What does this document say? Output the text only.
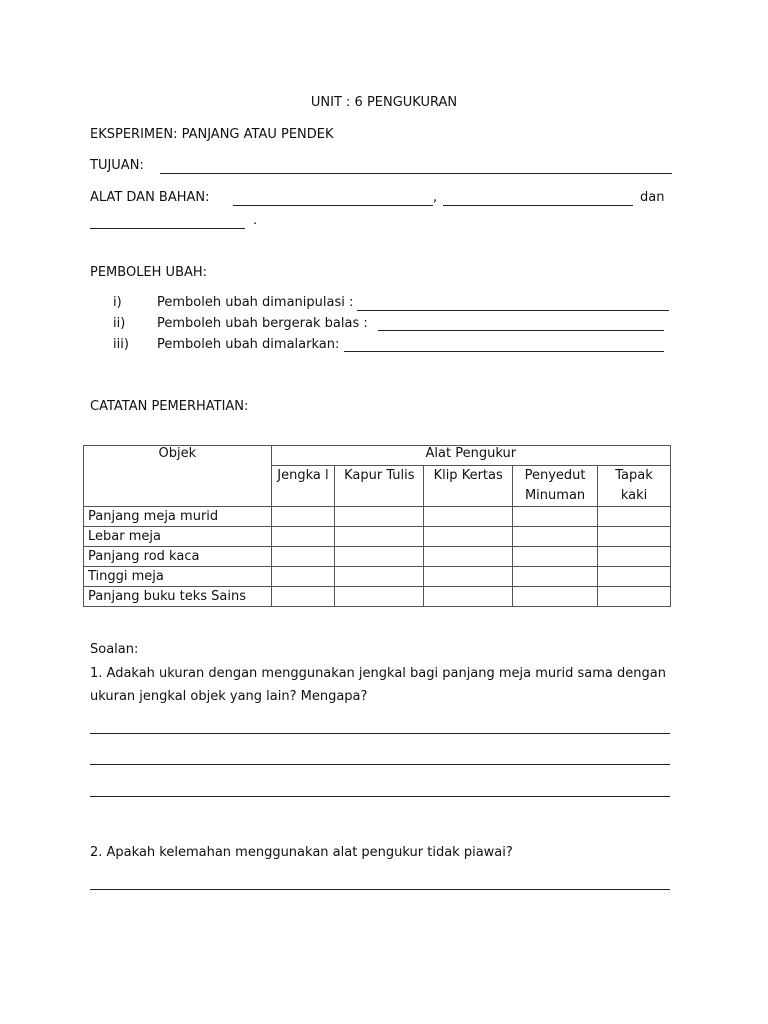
UNIT : 6 PENGUKURAN
EKSPERIMEN: PANJANG ATAU PENDEK
TUJUAN:
ALAT DAN BAHAN:	,	dan
.
PEMBOLEH UBAH:
i)	Pemboleh ubah dimanipulasi :
ii) Pemboleh ubah bergerak balas :
iii) Pemboleh ubah dimalarkan:
CATATAN PEMERHATIAN:
Objek	Alat Pengukur				
	Jengka l	Kapur Tulis	Klip Kertas	Penyedut Minuman	Tapak kaki
Panjang meja murid					
Lebar meja					
Panjang rod kaca					
Tinggi meja					
Panjang buku teks Sains					
Soalan:
1. Adakah ukuran dengan menggunakan jengkal bagi panjang meja murid sama dengan
ukuran jengkal objek yang lain? Mengapa?
2. Apakah kelemahan menggunakan alat pengukur tidak piawai?
